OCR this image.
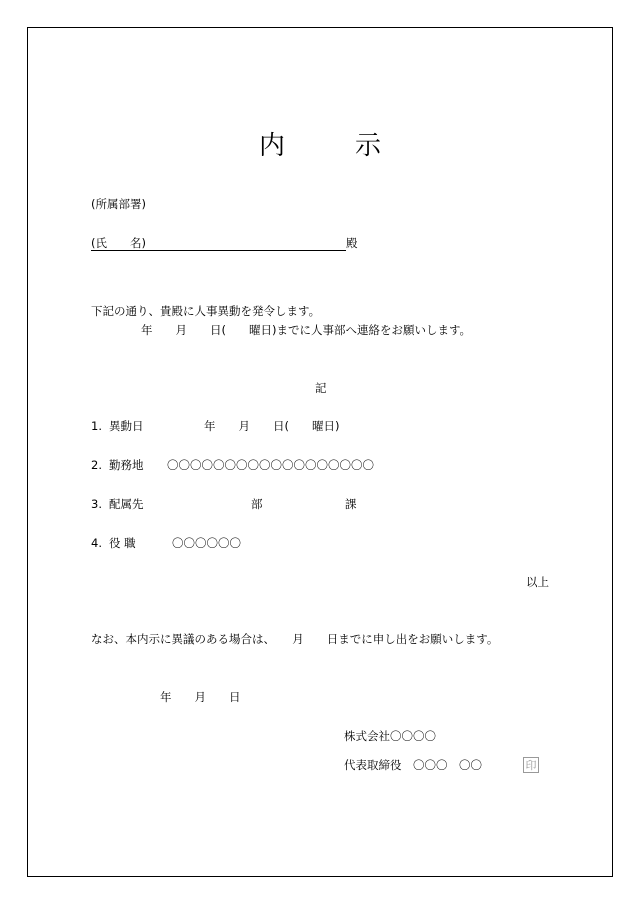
内　示
(所属部署)
(氏　　名)	殿
下記の通り、貴殿に人事異動を発令します。
年　　月　　日(　　曜日)までに人事部へ連絡をお願いします。
記
1. 異動日	年　　月　　日(　　曜日)
2. 勤務地 〇〇〇〇〇〇〇〇〇〇〇〇〇〇〇〇〇〇
3. 配属先	部	課
4. 役 職	〇〇〇〇〇〇
以上
なお、本内示に異議のある場合は、　　月　　日までに申し出をお願いします。
年　　月　　日
株式会社〇〇〇〇
代表取締役　〇〇〇　〇〇	印
